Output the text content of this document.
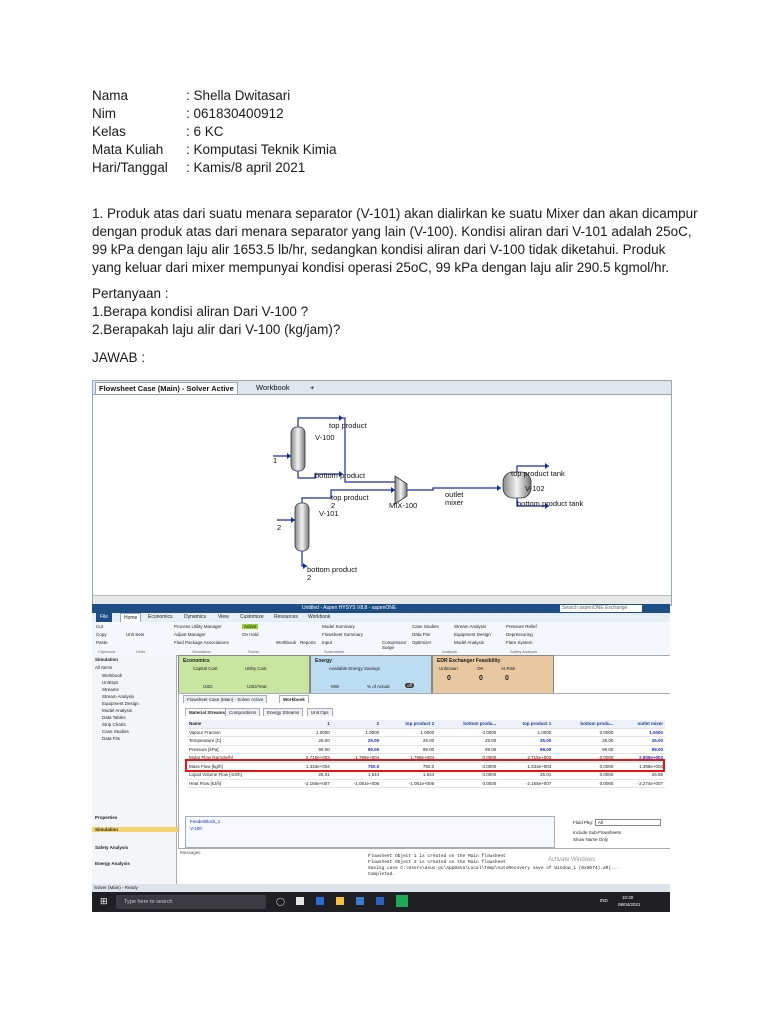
Nama	: Shella Dwitasari
Nim	: 061830400912
Kelas	: 6 KC
Mata Kuliah : Komputasi Teknik Kimia
Hari/Tanggal : Kamis/8 april 2021
1. Produk atas dari suatu menara separator (V-101) akan dialirkan ke suatu Mixer dan akan dicampur
dengan produk atas dari menara separator yang lain (V-100). Kondisi aliran dari V-101 adalah 25oC,
99 kPa dengan laju alir 1653.5 lb/hr, sedangkan kondisi aliran dari V-100 tidak diketahui. Produk
yang keluar dari mixer mempunyai kondisi operasi 25oC, 99 kPa dengan laju alir 290.5 kgmol/hr.
Pertanyaan :
1.Berapa kondisi aliran Dari V-100 ?
2.Berapakah laju alir dari V-100 (kg/jam)?
JAWAB :
Flowsheet Case (Main) - Solver Active	Workbook	+
top product
V-100
1
bottom product
top product
2
V-101
2
bottom product
2
MIX-100
outlet mixer
top product tank
V-102
bottom product tank
Untitled - Aspen HYSYS V8.8 - aspenONE	Search aspenONE Exchange
File	Home	Economics Dynamics View Customize Resources Workbook
Cut
Copy
Paste
Unit Sets
Process Utility Manager
Adjust Manager
Fluid Package Associations
Active
On Hold
Workbook Reports
Model Summary
Flowsheet Summary
Input	Compressor Surge
Case Studies
Data Fits
Optimizer
Stream Analysis
Equipment Design
Model Analysis
Pressure Relief
Depressuring
Flare System
Clipboard	Units	Simulation	Solver	Summaries	Analysis	Safety Analysis
Simulation
All Items
Workbook
UnitOps
Streams
Stream Analysis
Equipment Design
Model Analysis
Data Tables
Strip Charts
Case Studies
Data Fits
Properties
Simulation
Safety Analysis
Energy Analysis
Economics
Capital Cost	Utility Cost
USD	USD/Year
Energy
Available Energy Savings
MW	% of Actual	off
EDR Exchanger Feasibility
Unknown	OK	At Risk
0	0	0
Flowsheet Case (Main) - Solver Active	Workbook
Material Streams Compositions	Energy Streams	Unit Ops
Name	1	2	top product 2	bottom produ...	top product 1	bottom produ...	outlet mixer
Vapour Fraction	1.0000	1.0000	1.0000	0.0000	1.0000	0.0000	1.0000
Temperature [C]	25.00	25.00	25.00	25.00	25.00	25.00	25.00
Pressure [kPa]	99.00	99.00	99.00	99.00	99.00	99.00	99.00
Molar Flow [kgmole/h]	2.715e+003	1.799e+004	1.799e+004	0.0000	2.715e+003	0.0000	2.905e+003
Mass Flow [kg/h]	1.333e+004	750.0	750.0	0.0000	1.333e+004	0.0000	1.398e+004
Liquid Volume Flow [m3/h]	25.01	1.544	1.544	0.0000	25.01	0.0000	26.55
Heat Flow [kJ/h]	-2.165e+007	-1.081e+006	-1.081e+006	0.0000	-2.165e+007	0.0000	-2.274e+007
FeederBlock_1
V-100
Fluid Pkg:	All
Include Sub-Flowsheets
Show Name Only
Messages
Flowsheet Object 1 is created on the Main flowsheet
Flowsheet Object 2 is created on the Main flowsheet
Saving case C:\Users\asus-pc\AppData\Local\Temp\AutoRecovery save of Window_1 (0x9D74).aR(...
Completed.
Activate Windows
Solver (Main) - Ready
⊞	Type here to search	◯	IND
10:30
08/04/2021
